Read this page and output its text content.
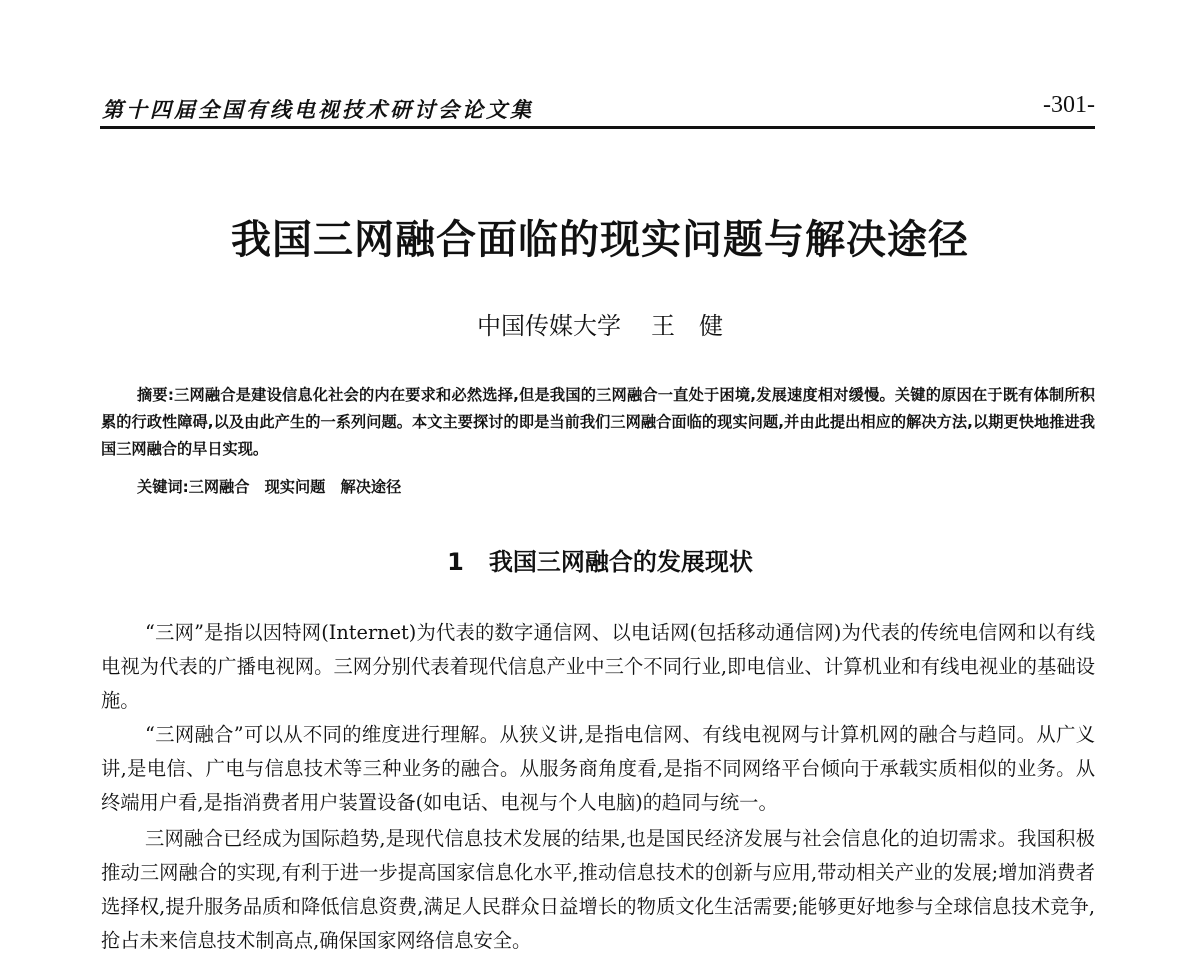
第十四届全国有线电视技术研讨会论文集	-301-
我国三网融合面临的现实问题与解决途径
中国传媒大学 王　健

摘要:三网融合是建设信息化社会的内在要求和必然选择,但是我国的三网融合一直处于困境,发展速度相对缓慢。关键的原因在于既有体制所积累的行政性障碍,以及由此产生的一系列问题。本文主要探讨的即是当前我们三网融合面临的现实问题,并由此提出相应的解决方法,以期更快地推进我国三网融合的早日实现。

关键词:三网融合　现实问题　解决途径

1 我国三网融合的发展现状

“三网”是指以因特网(Internet)为代表的数字通信网、以电话网(包括移动通信网)为代表的传统电信网和以有线电视为代表的广播电视网。三网分别代表着现代信息产业中三个不同行业,即电信业、计算机业和有线电视业的基础设施。

“三网融合”可以从不同的维度进行理解。从狭义讲,是指电信网、有线电视网与计算机网的融合与趋同。从广义讲,是电信、广电与信息技术等三种业务的融合。从服务商角度看,是指不同网络平台倾向于承载实质相似的业务。从终端用户看,是指消费者用户装置设备(如电话、电视与个人电脑)的趋同与统一。

三网融合已经成为国际趋势,是现代信息技术发展的结果,也是国民经济发展与社会信息化的迫切需求。我国积极推动三网融合的实现,有利于进一步提高国家信息化水平,推动信息技术的创新与应用,带动相关产业的发展;增加消费者选择权,提升服务品质和降低信息资费,满足人民群众日益增长的物质文化生活需要;能够更好地参与全球信息技术竞争,抢占未来信息技术制高点,确保国家网络信息安全。
